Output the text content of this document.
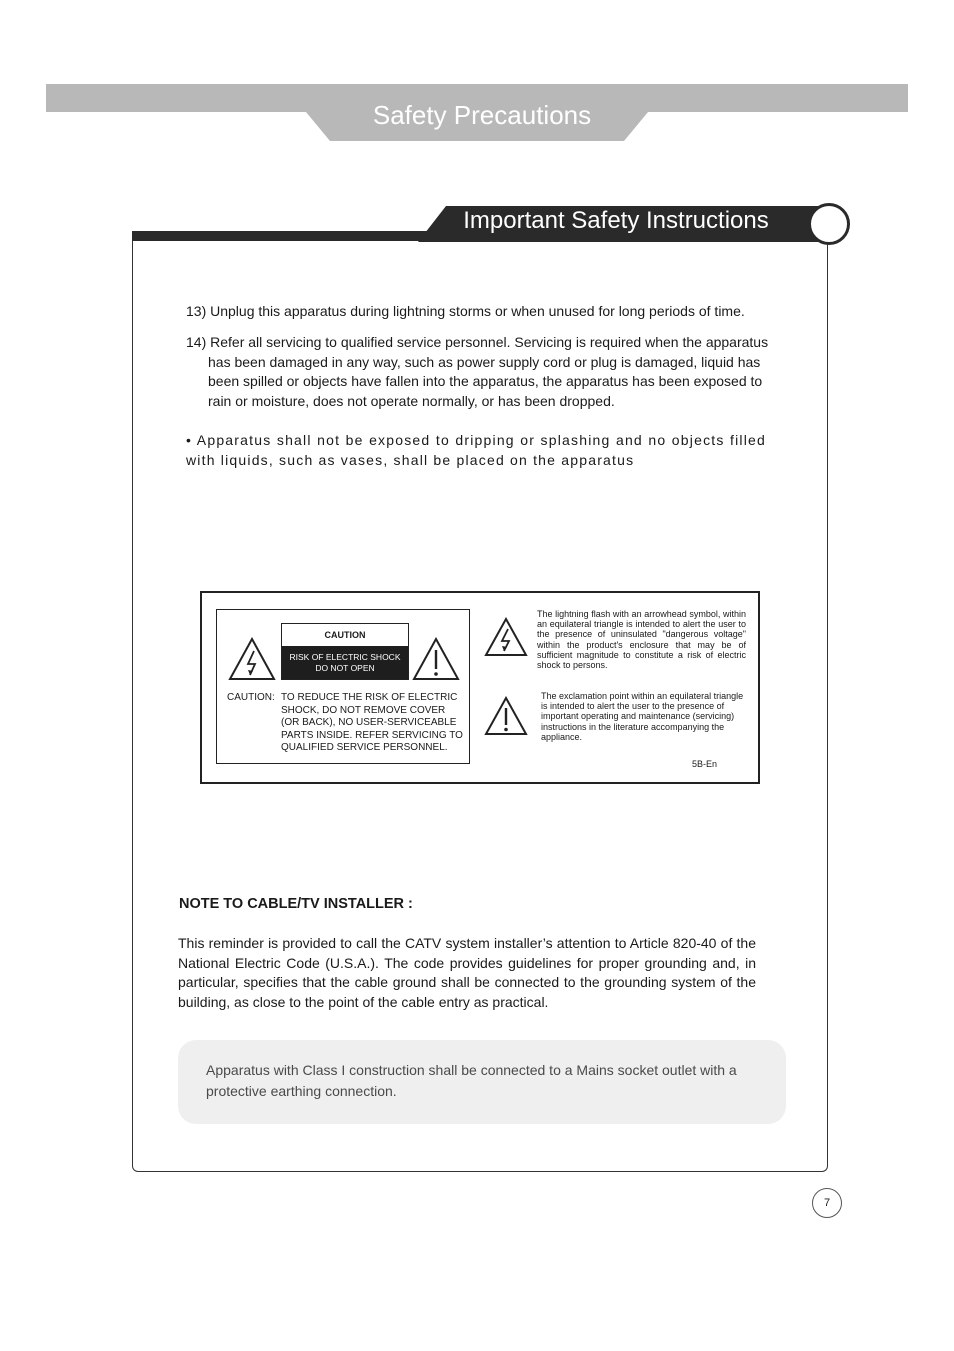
Safety Precautions
Important Safety Instructions
13) Unplug this apparatus during lightning storms or when unused for long periods of time.
14) Refer all servicing to qualified service personnel. Servicing is required when the apparatus
has been damaged in any way, such as power supply cord or plug is damaged, liquid has
been spilled or objects have fallen into the apparatus, the apparatus has been exposed to
rain or moisture, does not operate normally, or has been dropped.
• Apparatus shall not be exposed to dripping or splashing and no objects filled with liquids, such as vases, shall be placed on the apparatus
CAUTION
RISK OF ELECTRIC SHOCK
DO NOT OPEN
CAUTION: TO REDUCE THE RISK OF ELECTRIC
SHOCK, DO NOT REMOVE COVER
(OR BACK), NO USER-SERVICEABLE
PARTS INSIDE. REFER SERVICING TO
QUALIFIED SERVICE PERSONNEL.
The lightning flash with an arrowhead symbol, within an equilateral triangle is intended to alert the user to the presence of uninsulated "dangerous voltage" within the product's enclosure that may be of sufficient magnitude to constitute a risk of electric shock to persons.
The exclamation point within an equilateral triangle is intended to alert the user to the presence of important operating and maintenance (servicing) instructions in the literature accompanying the appliance.
5B-En
NOTE TO CABLE/TV INSTALLER :
This reminder is provided to call the CATV system installer’s attention to Article 820-40 of the National Electric Code (U.S.A.). The code provides guidelines for proper grounding and, in particular, specifies that the cable ground shall be connected to the grounding system of the building, as close to the point of the cable entry as practical.
Apparatus with Class I construction shall be connected to a Mains socket outlet with a protective earthing connection.
7
